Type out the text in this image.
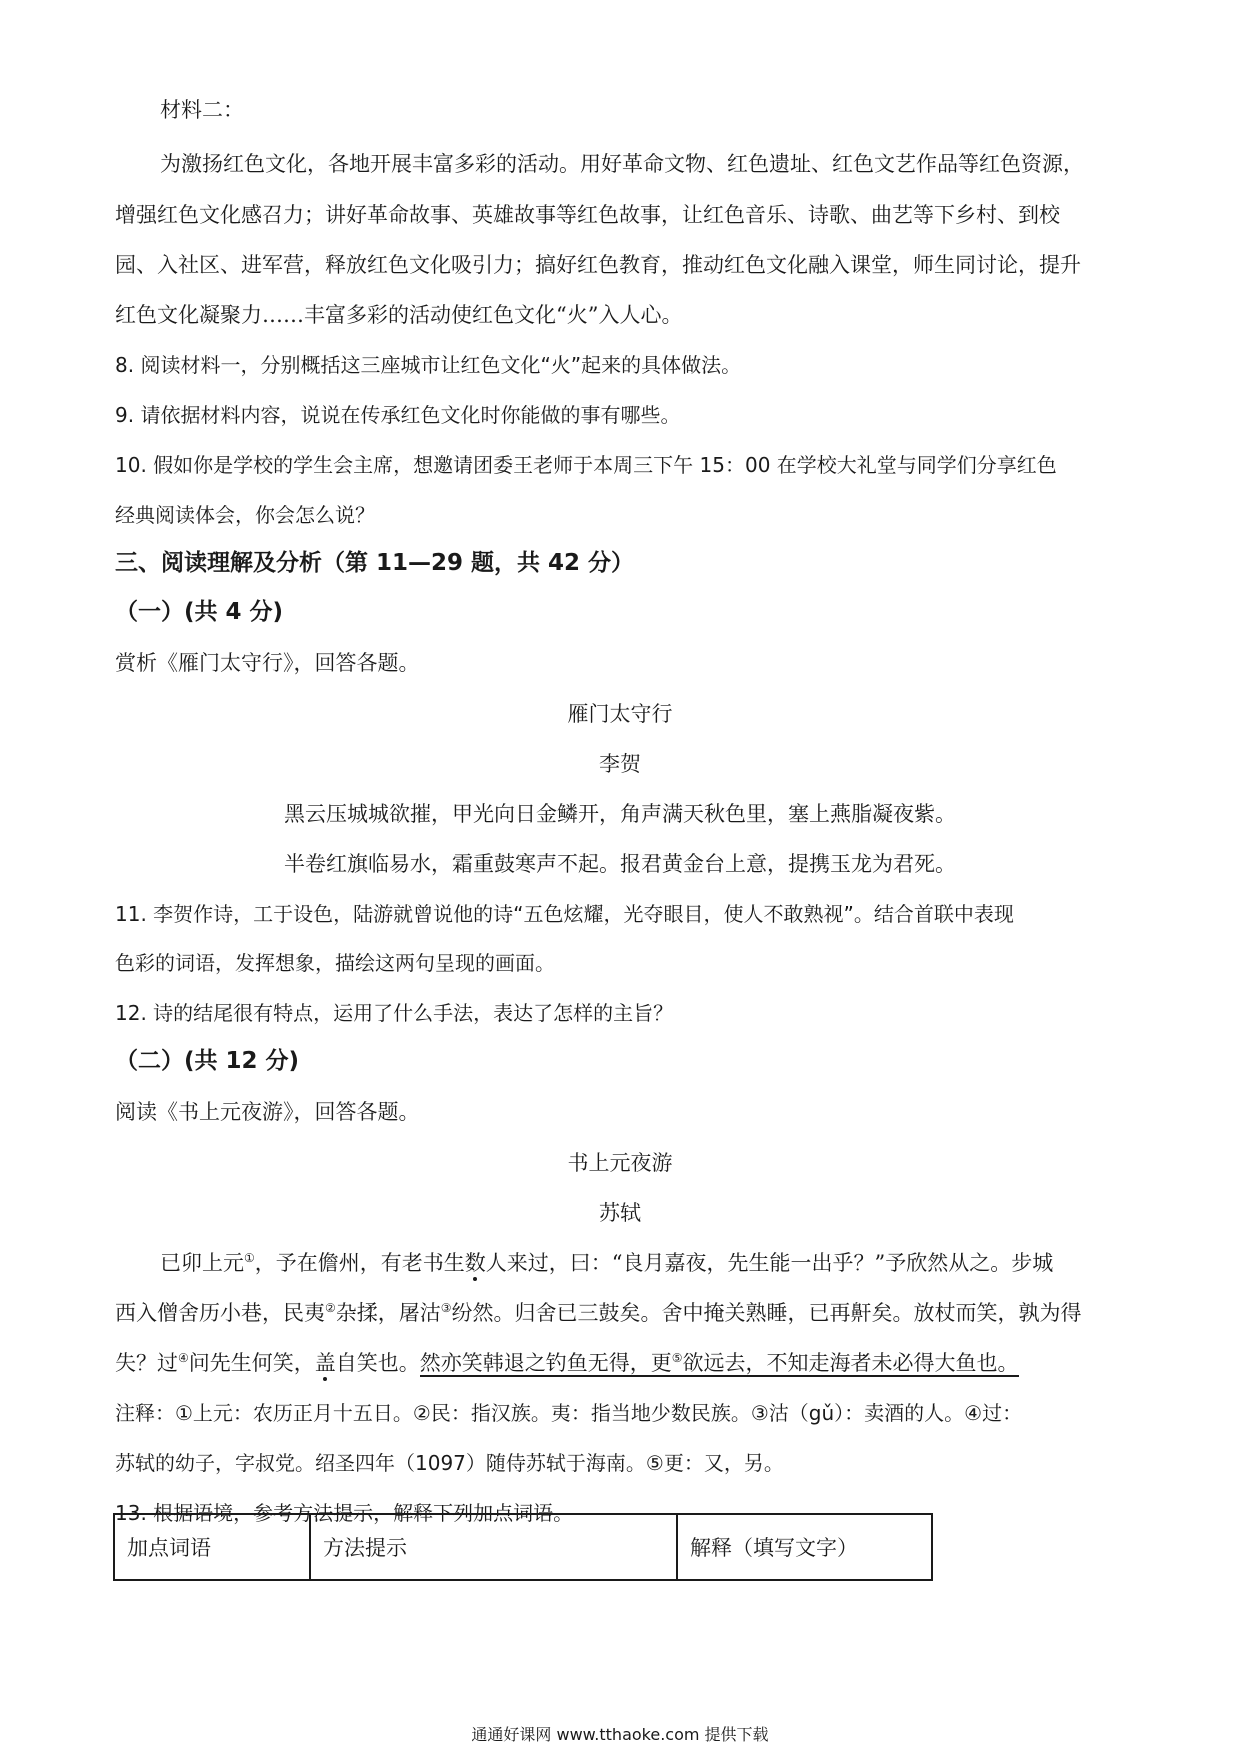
材料二：
为激扬红色文化，各地开展丰富多彩的活动。用好革命文物、红色遗址、红色文艺作品等红色资源，
增强红色文化感召力；讲好革命故事、英雄故事等红色故事，让红色音乐、诗歌、曲艺等下乡村、到校
园、入社区、进军营，释放红色文化吸引力；搞好红色教育，推动红色文化融入课堂，师生同讨论，提升
红色文化凝聚力……丰富多彩的活动使红色文化“火”入人心。
8. 阅读材料一，分别概括这三座城市让红色文化“火”起来的具体做法。
9. 请依据材料内容，说说在传承红色文化时你能做的事有哪些。
10. 假如你是学校的学生会主席，想邀请团委王老师于本周三下午 15：00 在学校大礼堂与同学们分享红色
经典阅读体会，你会怎么说？
三、阅读理解及分析（第 11—29 题，共 42 分）
（一）(共 4 分)
赏析《雁门太守行》，回答各题。
雁门太守行
李贺
黑云压城城欲摧，甲光向日金鳞开，角声满天秋色里，塞上燕脂凝夜紫。
半卷红旗临易水，霜重鼓寒声不起。报君黄金台上意，提携玉龙为君死。
11. 李贺作诗，工于设色，陆游就曾说他的诗“五色炫耀，光夺眼目，使人不敢熟视”。结合首联中表现
色彩的词语，发挥想象，描绘这两句呈现的画面。
12. 诗的结尾很有特点，运用了什么手法，表达了怎样的主旨？
（二）(共 12 分)
阅读《书上元夜游》，回答各题。
书上元夜游
苏轼
已卯上元①，予在儋州，有老书生数人来过，曰：“良月嘉夜，先生能一出乎？”予欣然从之。步城
西入僧舍历小巷，民夷②杂揉，屠沽③纷然。归舍已三鼓矣。舍中掩关熟睡，已再鼾矣。放杖而笑，孰为得
失？过④问先生何笑，盖自笑也。然亦笑韩退之钓鱼无得，更⑤欲远去，不知走海者未必得大鱼也。
注释：①上元：农历正月十五日。②民：指汉族。夷：指当地少数民族。③沽（gǔ）：卖酒的人。④过：
苏轼的幼子，字叔党。绍圣四年（1097）随侍苏轼于海南。⑤更：又，另。
13. 根据语境，参考方法提示，解释下列加点词语。
加点词语	方法提示	解释（填写文字）
通通好课网 www.tthaoke.com 提供下载
